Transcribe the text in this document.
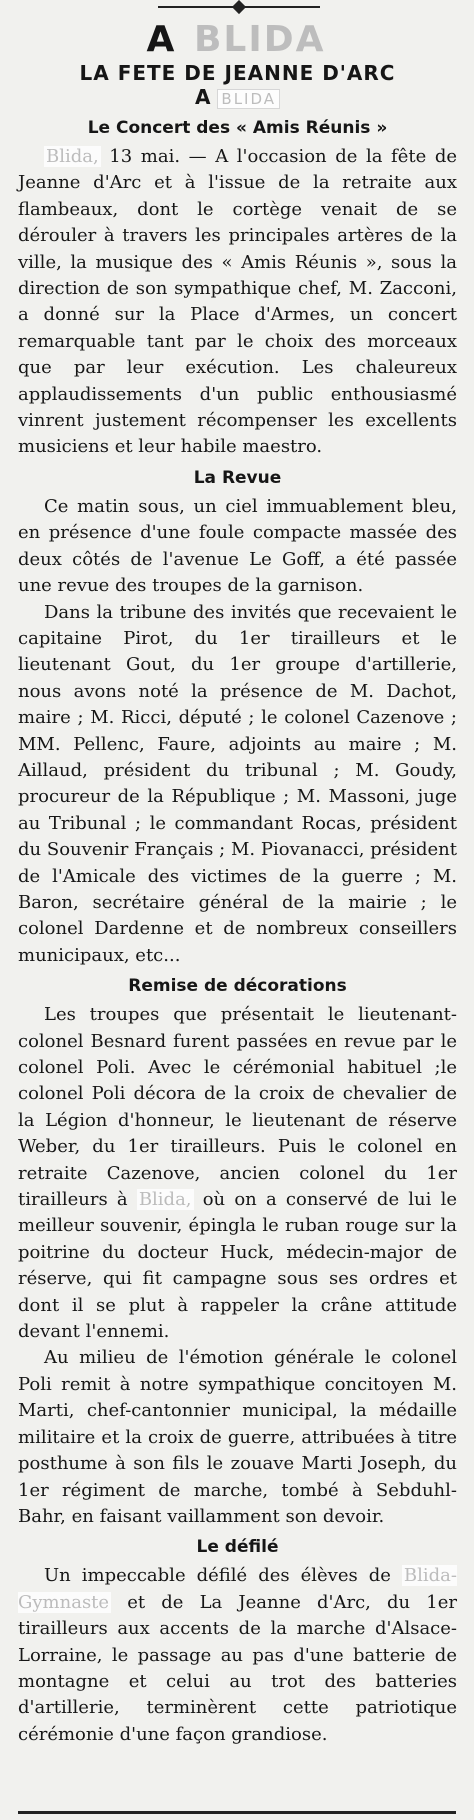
A BLIDA
LA FETE DE JEANNE D'ARC
A BLIDA
Le Concert des « Amis Réunis »

Blida, 13 mai. — A l'occasion de la fête de Jeanne d'Arc et à l'issue de la retraite aux flambeaux, dont le cortège venait de se dérouler à travers les principales artères de la ville, la musique des « Amis Réunis », sous la direction de son sympathique chef, M. Zacconi, a donné sur la Place d'Armes, un concert remarquable tant par le choix des morceaux que par leur exécution. Les chaleureux applaudissements d'un public enthousiasmé vinrent justement récompenser les excellents musiciens et leur habile maestro.

La Revue

Ce matin sous, un ciel immuablement bleu, en présence d'une foule compacte massée des deux côtés de l'avenue Le Goff, a été passée une revue des troupes de la garnison.

Dans la tribune des invités que recevaient le capitaine Pirot, du 1er tirailleurs et le lieutenant Gout, du 1er groupe d'artillerie, nous avons noté la présence de M. Dachot, maire ; M. Ricci, député ; le colonel Cazenove ; MM. Pellenc, Faure, adjoints au maire ; M. Aillaud, président du tribunal ; M. Goudy, procureur de la République ; M. Massoni, juge au Tribunal ; le commandant Rocas, président du Souvenir Français ; M. Piovanacci, président de l'Amicale des victimes de la guerre ; M. Baron, secrétaire général de la mairie ; le colonel Dardenne et de nombreux conseillers municipaux, etc...

Remise de décorations

Les troupes que présentait le lieutenant-colonel Besnard furent passées en revue par le colonel Poli. Avec le cérémonial habituel ;le colonel Poli décora de la croix de chevalier de la Légion d'honneur, le lieutenant de réserve Weber, du 1er tirailleurs. Puis le colonel en retraite Cazenove, ancien colonel du 1er tirailleurs à Blida, où on a conservé de lui le meilleur souvenir, épingla le ruban rouge sur la poitrine du docteur Huck, médecin-major de réserve, qui fit campagne sous ses ordres et dont il se plut à rappeler la crâne attitude devant l'ennemi.

Au milieu de l'émotion générale le colonel Poli remit à notre sympathique concitoyen M. Marti, chef-cantonnier municipal, la médaille militaire et la croix de guerre, attribuées à titre posthume à son fils le zouave Marti Joseph, du 1er régiment de marche, tombé à Sebduhl-Bahr, en faisant vaillamment son devoir.

Le défilé

Un impeccable défilé des élèves de Blida-Gymnaste et de La Jeanne d'Arc, du 1er tirailleurs aux accents de la marche d'Alsace-Lorraine, le passage au pas d'une batterie de montagne et celui au trot des batteries d'artillerie, terminèrent cette patriotique cérémonie d'une façon grandiose.
